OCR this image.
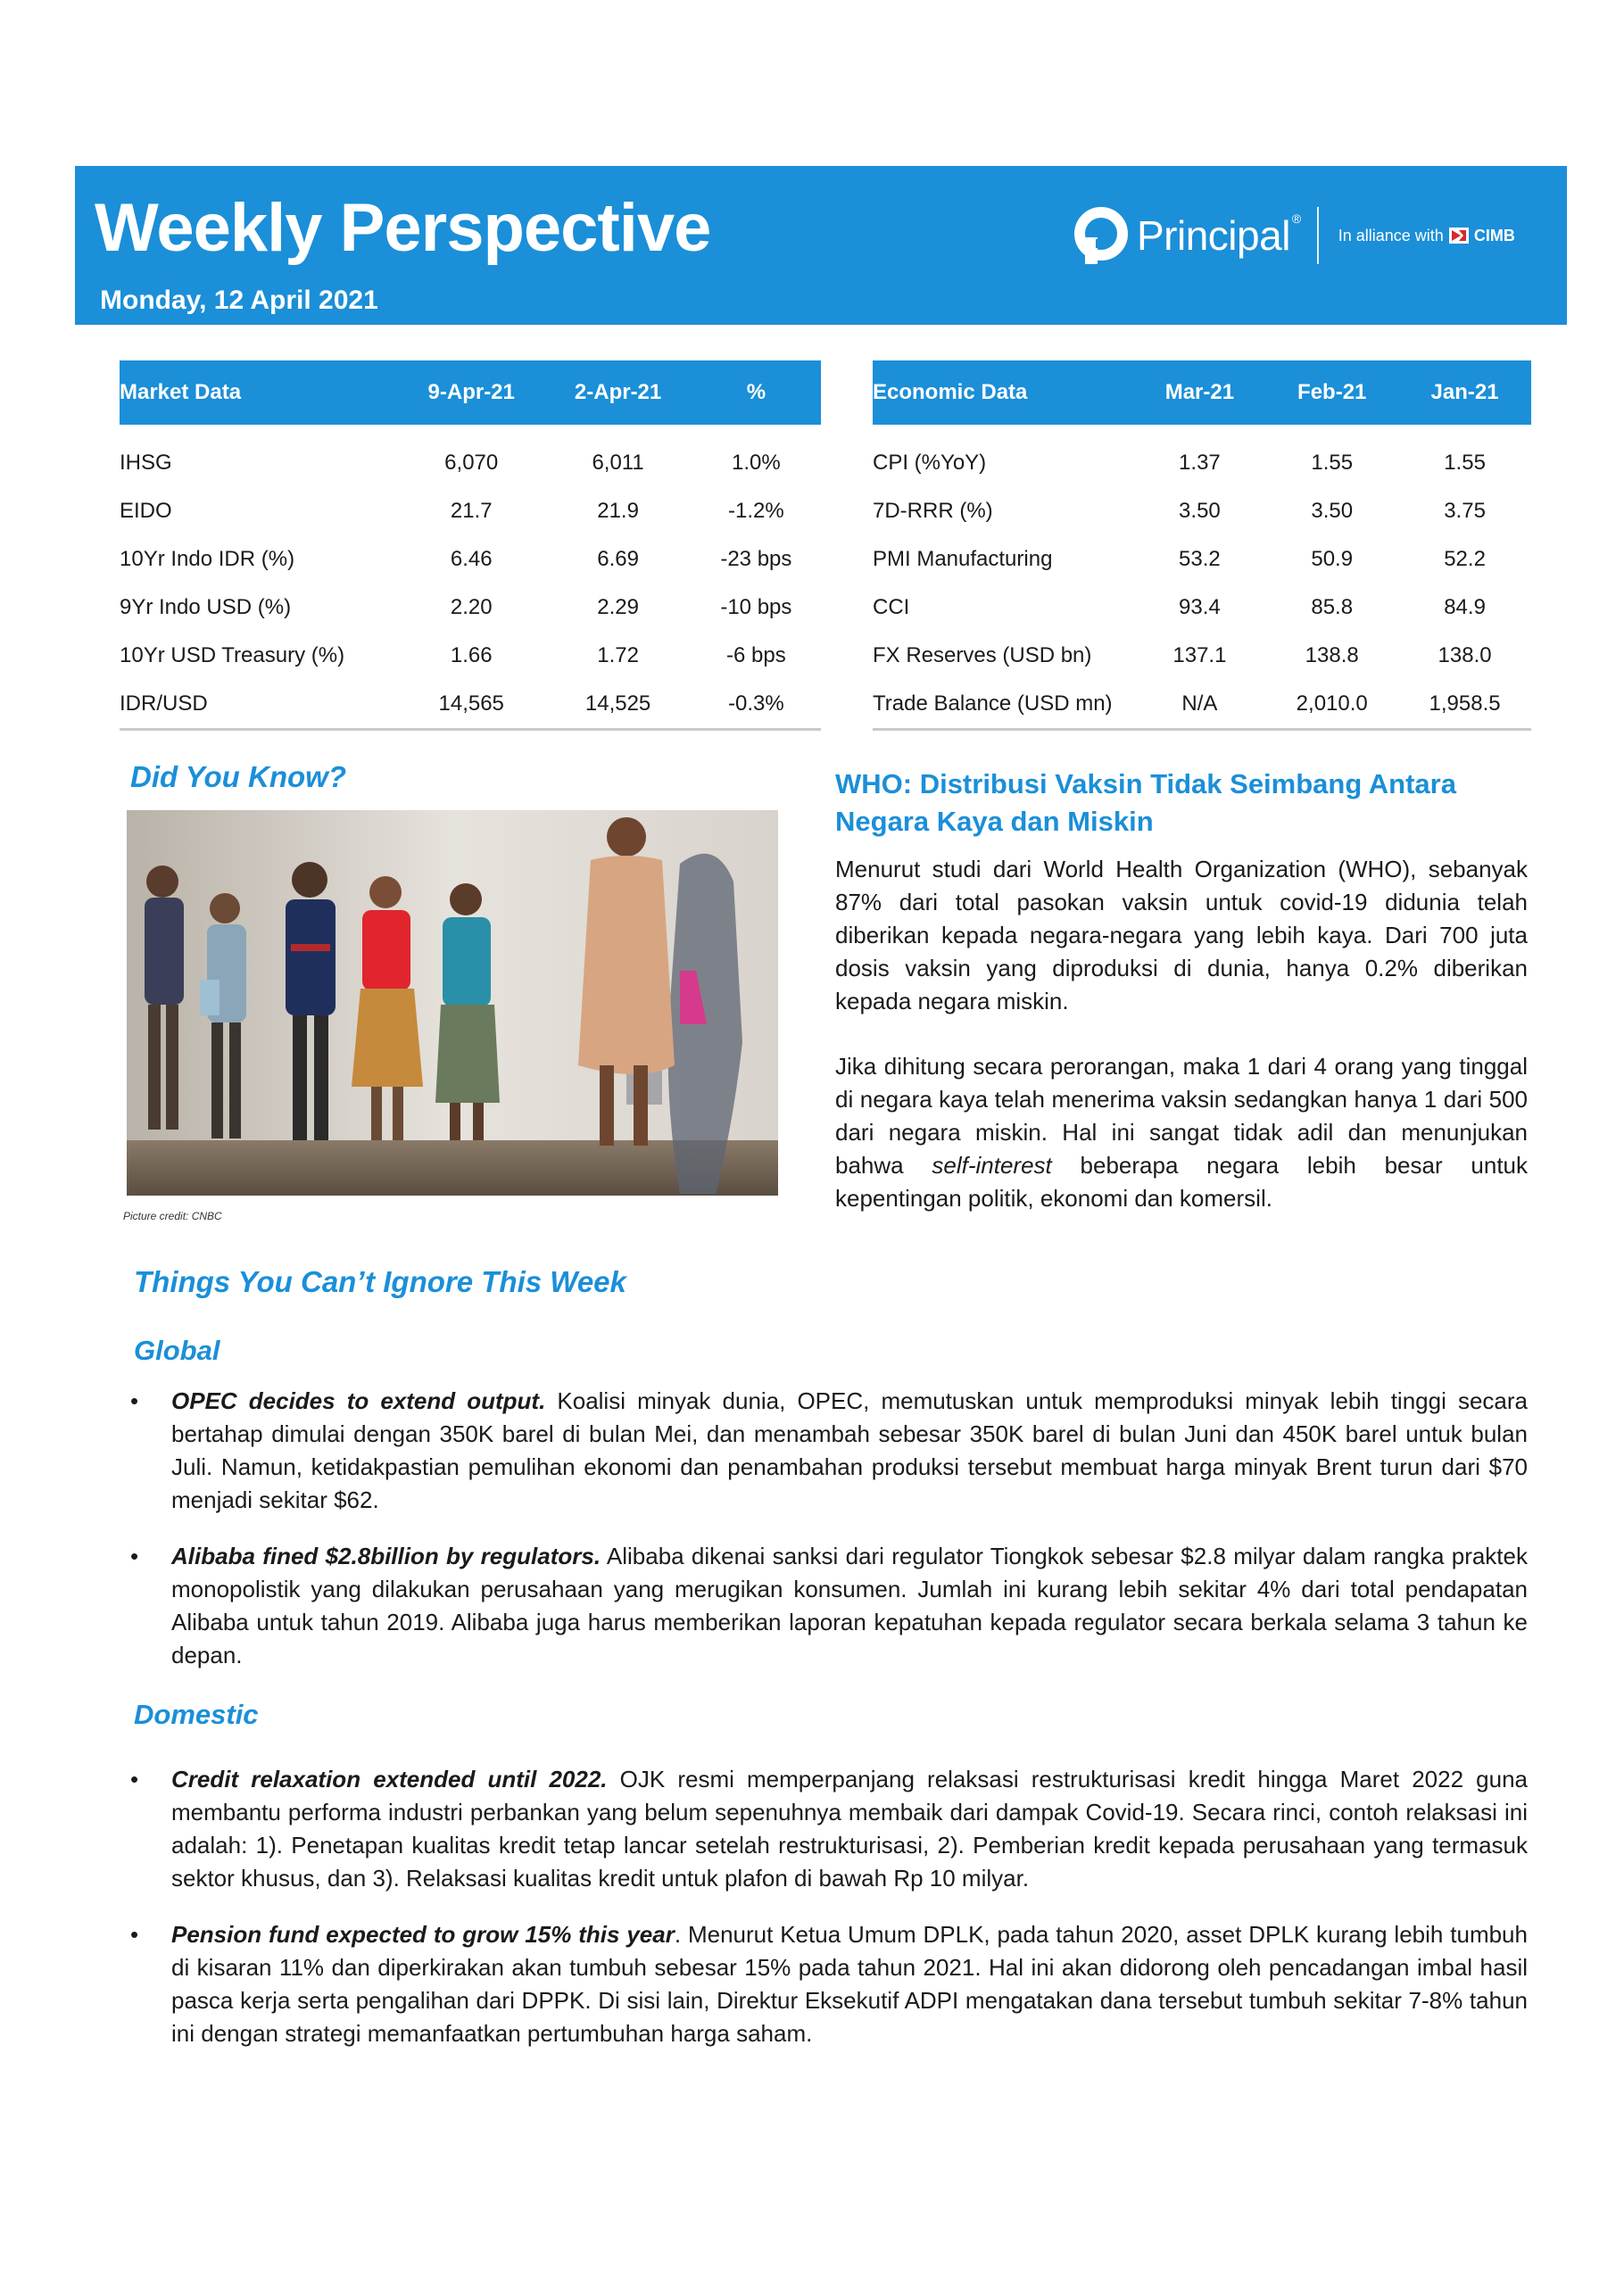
Weekly Perspective
Monday, 12 April 2021
Principal ®
In alliance with CIMB
Market Data	9-Apr-21	2-Apr-21	%
IHSG	6,070	6,011	1.0%
EIDO	21.7	21.9	-1.2%
10Yr Indo IDR (%)	6.46	6.69	-23 bps
9Yr Indo USD (%)	2.20	2.29	-10 bps
10Yr USD Treasury (%)	1.66	1.72	-6 bps
IDR/USD	14,565	14,525	-0.3%
Economic Data	Mar-21	Feb-21	Jan-21
CPI (%YoY)	1.37	1.55	1.55
7D-RRR (%)	3.50	3.50	3.75
PMI Manufacturing	53.2	50.9	52.2
CCI	93.4	85.8	84.9
FX Reserves (USD bn)	137.1	138.8	138.0
Trade Balance (USD mn)	N/A	2,010.0	1,958.5
Did You Know?
Picture credit: CNBC
WHO: Distribusi Vaksin Tidak Seimbang Antara Negara Kaya dan Miskin

Menurut studi dari World Health Organization (WHO), sebanyak 87% dari total pasokan vaksin untuk covid-19 didunia telah diberikan kepada negara-negara yang lebih kaya. Dari 700 juta dosis vaksin yang diproduksi di dunia, hanya 0.2% diberikan kepada negara miskin.

Jika dihitung secara perorangan, maka 1 dari 4 orang yang tinggal di negara kaya telah menerima vaksin sedangkan hanya 1 dari 500 dari negara miskin. Hal ini sangat tidak adil dan menunjukan bahwa self-interest beberapa negara lebih besar untuk kepentingan politik, ekonomi dan komersil.

Things You Can’t Ignore This Week
Global
• OPEC decides to extend output. Koalisi minyak dunia, OPEC, memutuskan untuk memproduksi minyak lebih tinggi secara bertahap dimulai dengan 350K barel di bulan Mei, dan menambah sebesar 350K barel di bulan Juni dan 450K barel untuk bulan Juli. Namun, ketidakpastian pemulihan ekonomi dan penambahan produksi tersebut membuat harga minyak Brent turun dari $70 menjadi sekitar $62.
• Alibaba fined $2.8billion by regulators. Alibaba dikenai sanksi dari regulator Tiongkok sebesar $2.8 milyar dalam rangka praktek monopolistik yang dilakukan perusahaan yang merugikan konsumen. Jumlah ini kurang lebih sekitar 4% dari total pendapatan Alibaba untuk tahun 2019. Alibaba juga harus memberikan laporan kepatuhan kepada regulator secara berkala selama 3 tahun ke depan.
Domestic
• Credit relaxation extended until 2022. OJK resmi memperpanjang relaksasi restrukturisasi kredit hingga Maret 2022 guna membantu performa industri perbankan yang belum sepenuhnya membaik dari dampak Covid-19. Secara rinci, contoh relaksasi ini adalah: 1). Penetapan kualitas kredit tetap lancar setelah restrukturisasi, 2). Pemberian kredit kepada perusahaan yang termasuk sektor khusus, dan 3). Relaksasi kualitas kredit untuk plafon di bawah Rp 10 milyar.
• Pension fund expected to grow 15% this year. Menurut Ketua Umum DPLK, pada tahun 2020, asset DPLK kurang lebih tumbuh di kisaran 11% dan diperkirakan akan tumbuh sebesar 15% pada tahun 2021. Hal ini akan didorong oleh pencadangan imbal hasil pasca kerja serta pengalihan dari DPPK. Di sisi lain, Direktur Eksekutif ADPI mengatakan dana tersebut tumbuh sekitar 7-8% tahun ini dengan strategi memanfaatkan pertumbuhan harga saham.
